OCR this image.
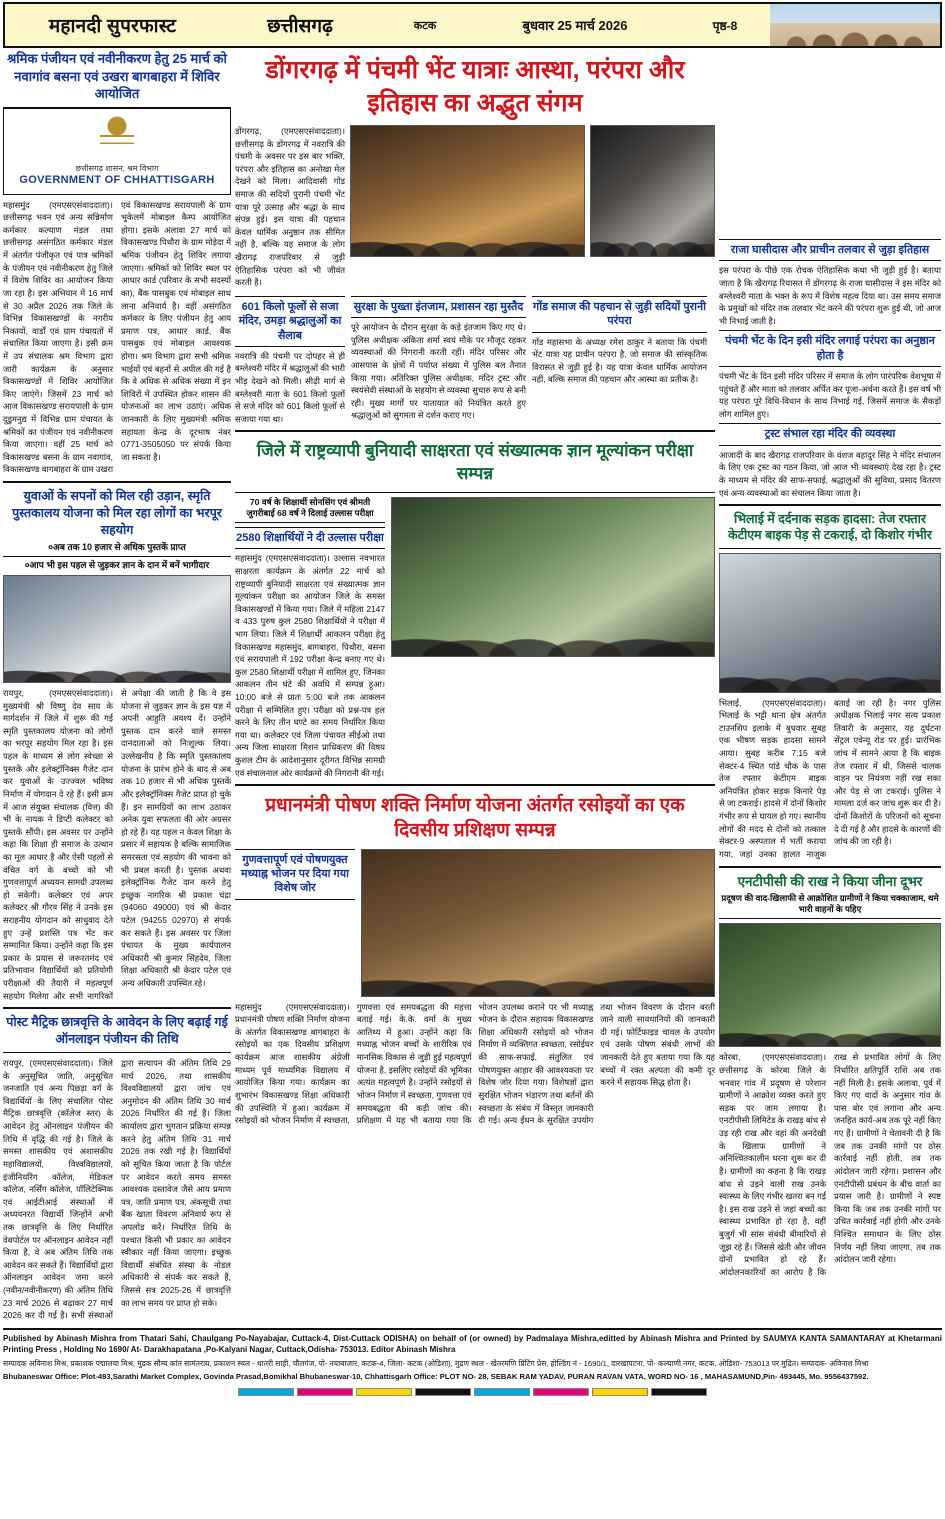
महानदी सुपरफास्ट	छत्तीसगढ़	कटक	बुधवार 25 मार्च 2026	पृष्ठ-8
श्रमिक पंजीयन एवं नवीनीकरण हेतु 25 मार्च को नवागांव बसना एवं उखरा बागबाहरा में शिविर आयोजित
छत्तीसगढ़ शासन, श्रम विभाग
GOVERNMENT OF CHHATTISGARH
महासमुंद (एमएसएसंवाददाता)। छत्तीसगढ़ भवन एवं अन्य सन्निर्माण कर्मकार कल्याण मंडल तथा छत्तीसगढ़ असंगठित कर्मकार मंडल में अंतर्गत पंजीकृत एवं पात्र श्रमिकों के पंजीयन एवं नवीनीकरण हेतु जिले में विशेष शिविर का आयोजन किया जा रहा है। इस अभियान में 16 मार्च से 30 अप्रैल 2026 तक जिले के विभिन्न विकासखण्डों के नगरीय निकायों, वार्डों एवं ग्राम पंचायतों में संचालित किया जाएगा है। इसी क्रम में उप संचालक श्रम विभाग द्वारा जारी कार्यक्रम के अनुसार विकासखण्डों में शिविर आयोजित किए जाएंगे। जिसमें 23 मार्च को आज विकासखण्ड सरायपाली के ग्राम दुडुमनुद्य में विभिन्न ग्राम पंचायत के श्रमिकों का पंजीयन एवं नवीनीकरण किया जाएगा। वहीं 25 मार्च को विकासखण्ड बसना के ग्राम नवागांव, विकासखण्ड बागबाहरा के ग्राम उखरा एवं विकासखण्ड सरायपाली के ग्राम भुकेलमें मोबाइल कैम्प आयोजित होगा। इसके अलावा 27 मार्च को विकासखण्ड पिथौरा के ग्राम मोड़ेदा में श्रमिक पंजीयन हेतु शिविर लगाया जाएगा। श्रमिकों को शिविर स्थल पर आधार कार्ड (परिवार के सभी सदस्यों का), बैंक पासबुक एवं मोबाइल साथ लाना अनिवार्य है। वहीं असंगठित कर्मकार के लिए पंजीयन हेतु आय प्रमाण पत्र, आधार कार्ड, बैंक पासबुक एवं मोबाइल आवश्यक होगा। श्रम विभाग द्वारा सभी श्रमिक भाईयों एवं बहनों से अपील की गई है कि वे अधिक से अधिक संख्या में इन शिविरों में उपस्थित होकर शासन की योजनाओं का लाभ उठाएं। अधिक जानकारी के लिए मुख्यमंत्री श्रमिक सहायता केन्द्र के दूरभाष नंबर 0771-3505050 पर संपर्क किया जा सकता है।
युवाओं के सपनों को मिल रही उड़ान, स्मृति पुस्तकालय योजना को मिल रहा लोगों का भरपूर सहयोग
०अब तक 10 हजार से अधिक पुस्तकें प्राप्त
०आप भी इस पहल से जुड़कर ज्ञान के दान में बनें भागीदार
रायपुर, (एमएसएसंवाददाता)। मुख्यमंत्री श्री विष्णु देव साय के मार्गदर्शन में जिले में शुरू की गई स्मृति पुस्तकालय योजना को लोगों का भरपूर सहयोग मिल रहा है। इस पहल के माध्यम से लोग स्वेच्छा से पुस्तकें और इलेक्ट्रॉनिक्स गैजेट दान कर युवाओं के उज्ज्वल भविष्य निर्माण में योगदान दे रहे हैं। इसी क्रम में आज संयुक्त संचालक (वित्त) की भी के नायक ने डिप्टी कलेक्टर को पुस्तकें सौंपी। इस अवसर पर उन्होंने कहा कि शिक्षा ही समाज के उत्थान का मूल आधार है और ऐसी पहलों से वंचित वर्ग के बच्चों को भी गुणवत्तापूर्ण अध्ययन सामग्री उपलब्ध हो सकेगी। कलेक्टर एवं अपर कलेक्टर श्री गौरव सिंह ने उनके इस सराहनीय योगदान को साधुवाद देते हुए उन्हें प्रशस्ति पत्र भेंट कर सम्मानित किया। उन्होंने कहा कि इस प्रकार के प्रयास से जरूरतमंद एवं प्रतिभावान विद्यार्थियों को प्रतियोगी परीक्षाओं की तैयारी में महत्वपूर्ण सहयोग मिलेगा और सभी नागरिकों से अपेक्षा की जाती है कि वे इस योजना से जुड़कर ज्ञान के इस यज्ञ में अपनी आहुति अवश्य दें। उन्होंने पुस्तक दान करने वाले समस्त दानदाताओं को निःशुल्क लिया। उल्लेखनीय है कि स्मृति पुस्तकालय योजना के प्रारंभ होने के बाद से अब तक 10 हजार से भी अधिक पुस्तकें और इलेक्ट्रॉनिक्स गैजेट प्राप्त हो चुके हैं। इन सामग्रियों का लाभ उठाकर अनेक युवा सफलता की ओर अग्रसर हो रहे हैं। यह पहल न केवल शिक्षा के प्रसार में सहायक है बल्कि सामाजिक समरसता एवं सहयोग की भावना को भी प्रबल करती है। पुस्तक अथवा इलेक्ट्रॉनिक गैजेट दान करने हेतु इच्छुक नागरिक श्री प्रकाश चंद्रा (94060 49000) एवं श्री केदार पटेल (94255 02970) से संपर्क कर सकते हैं। इस अवसर पर जिला पंचायत के मुख्य कार्यपालन अधिकारी श्री कुमार सिंहदेव, जिला शिक्षा अधिकारी श्री केदार पटेल एवं अन्य अधिकारी उपस्थित रहे।
पोस्ट मैट्रिक छात्रवृत्ति के आवेदन के लिए बढ़ाई गई ऑनलाइन पंजीयन की तिथि
रायपुर, (एमएसएसंवाददाता)। जिले के अनुसूचित जाति, अनुसूचित जनजाति एवं अन्य पिछड़ा वर्ग के विद्यार्थियों के लिए संचालित पोस्ट मैट्रिक छात्रवृत्ति (कॉलेज स्तर) के आवेदन हेतु ऑनलाइन पंजीयन की तिथि में वृद्धि की गई है। जिले के समस्त शासकीय एवं अशासकीय महाविद्यालयों, विश्वविद्यालयों, इंजीनियरिंग कॉलेज, मेडिकल कॉलेज, नर्सिंग कॉलेज, पॉलिटेक्निक एवं आईटीआई संस्थाओं में अध्ययनरत विद्यार्थी जिन्होंने अभी तक छात्रवृत्ति के लिए निर्धारित वेबपोर्टल पर ऑनलाइन आवेदन नहीं किया है, वे अब अंतिम तिथि तक आवेदन कर सकते हैं। विद्यार्थियों द्वारा ऑनलाइन आवेदन जमा करने (नवीन/नवीनीकरण) की अंतिम तिथि 23 मार्च 2026 से बढ़ाकर 27 मार्च 2026 कर दी गई है। सभी संस्थाओं द्वारा सत्यापन की अंतिम तिथि 29 मार्च 2026, तथा शासकीय विश्वविद्यालयों द्वारा जांच एवं अनुमोदन की अंतिम तिथि 30 मार्च 2026 निर्धारित की गई है। जिला कार्यालय द्वारा भुगतान प्रक्रिया सम्पन्न करने हेतु अंतिम तिथि 31 मार्च 2026 तक रखी गई है। विद्यार्थियों को सूचित किया जाता है कि पोर्टल पर आवेदन करते समय समस्त आवश्यक दस्तावेज जैसे आय प्रमाण पत्र, जाति प्रमाण पत्र, अंकसूची तथा बैंक खाता विवरण अनिवार्य रूप से अपलोड करें। निर्धारित तिथि के पश्चात किसी भी प्रकार का आवेदन स्वीकार नहीं किया जाएगा। इच्छुक विद्यार्थी संबंधित संस्था के नोडल अधिकारी से संपर्क कर सकते हैं, जिससे सत्र 2025-26 में छात्रवृत्ति का लाभ समय पर प्राप्त हो सके।
डोंगरगढ़ में पंचमी भेंट यात्राः आस्था, परंपरा और इतिहास का अद्भुत संगम
डोंगरगढ़, (एमएसएसंवाददाता)। छत्तीसगढ़ के डोंगरगढ़ में नवरात्रि की पंचमी के अवसर पर इस बार भक्ति, परंपरा और इतिहास का अनोखा मेल देखने को मिला। आदिवासी गोंड समाज की सदियों पुरानी पंचमी भेंट यात्रा पूरे उत्साह और श्रद्धा के साथ संपन्न हुई। इस यात्रा की पहचान केवल धार्मिक अनुष्ठान तक सीमित नहीं है, बल्कि यह समाज के लोग खैरागढ़ राजपरिवार से जुड़ी ऐतिहासिक परंपरा को भी जीवंत करती है।
601 किलो फूलों से सजा मंदिर, उमड़ा श्रद्धालुओं का सैलाब
नवरात्रि की पंचमी पर दोपहर से ही बम्लेश्वरी मंदिर में श्रद्धालुओं की भारी भीड़ देखने को मिली। सीढ़ी मार्ग से बम्लेश्वरी माता के 601 किलो फूलों से सजे मंदिर को 601 किलो फूलों से सजाया गया था।
सुरक्षा के पुख्ता इंतजाम, प्रशासन रहा मुस्तैद
पूरे आयोजन के दौरान सुरक्षा के कड़े इंतजाम किए गए थे। पुलिस अधीक्षक अंकिता शर्मा स्वयं मौके पर मौजूद रहकर व्यवस्थाओं की निगरानी करती रहीं। मंदिर परिसर और आसपास के क्षेत्रों में पर्याप्त संख्या में पुलिस बल तैनात किया गया। अतिरिक्त पुलिस अधीक्षक, मंदिर ट्रस्ट और स्वयंसेवी संस्थाओं के सहयोग से व्यवस्था सुचारु रूप से बनी रही। मुख्य मार्गों पर यातायात को नियंत्रित करते हुए श्रद्धालुओं को सुगमता से दर्शन कराए गए।
गोंड समाज की पहचान से जुड़ी सदियों पुरानी परंपरा
गोंड महासभा के अध्यक्ष रमेश ठाकुर ने बताया कि पंचमी भेंट यात्रा यह प्राचीन परंपरा है, जो समाज की सांस्कृतिक विरासत से जुड़ी हुई है। यह यात्रा केवल धार्मिक आयोजन नहीं, बल्कि समाज की पहचान और आस्था का प्रतीक है।
जिले में राष्ट्रव्यापी बुनियादी साक्षरता एवं संख्यात्मक ज्ञान मूल्यांकन परीक्षा सम्पन्न
70 वर्ष के शिक्षार्थी सोनसिंग एवं श्रीमती जुगरीबाई 68 वर्ष ने दिलाई उल्लास परीक्षा
2580 शिक्षार्थियों ने दी उल्लास परीक्षा
महासमुंद (एमएसएसंवाददाता)। उल्लास नवभारत साक्षरता कार्यक्रम के अंतर्गत 22 मार्च को राष्ट्रव्यापी बुनियादी साक्षरता एवं संख्यात्मक ज्ञान मूल्यांकन परीक्षा का आयोजन जिले के समस्त विकासखण्डों में किया गया। जिले में महिला 2147 व 433 पुरुष कुल 2580 शिक्षार्थियों ने परीक्षा में भाग लिया। जिले में शिक्षार्थी आकलन परीक्षा हेतु विकासखण्ड महासमुंद, बागबाहरा, पिथौरा, बसना एवं सरायपाली में 192 परीक्षा केन्द्र बनाए गए थे। कुल 2580 शिक्षार्थी परीक्षा में शामिल हुए, जिनका आकलन तीन घंटे की अवधि में सम्पन्न हुआ। 10:00 बजे से प्रातः 5:00 बजे तक आकलन परीक्षा में सम्मिलित हुए। परीक्षा को प्रश्न-पत्र हल करने के लिए तीन घण्टे का समय निर्धारित किया गया था। कलेक्टर एवं जिला पंचायत सीईओ तथा अन्य जिला साक्षरता मिशन प्राधिकरण की विषय कुशल टीम के आदेशानुसार दूरीगत विभिन्न सामग्री एवं संचालनाल ओर कार्यक्रमों की निगरानी की गई।
प्रधानमंत्री पोषण शक्ति निर्माण योजना अंतर्गत रसोइयों का एक दिवसीय प्रशिक्षण सम्पन्न
गुणवत्तापूर्ण एवं पोषणयुक्त मध्याह्न भोजन पर दिया गया विशेष जोर
महासमुंद (एमएसएसंवाददाता)। प्रधानमंत्री पोषण शक्ति निर्माण योजना के अंतर्गत विकासखण्ड बागबाहरा के रसोइयों का एक दिवसीय प्रशिक्षण कार्यक्रम आज शासकीय अंग्रेजी माध्यम पूर्व माध्यमिक विद्यालय में आयोजित किया गया। कार्यक्रम का शुभारंभ विकासखण्ड शिक्षा अधिकारी की उपस्थिति में हुआ। कार्यक्रम में रसोइयों को भोजन निर्माण में स्वच्छता, गुणवत्ता एवं समयबद्धता की महत्ता बताई गई। के.के. वर्मा के मुख्य आतिथ्य में हुआ। उन्होंने कहा कि मध्याह्न भोजन बच्चों के शारीरिक एवं मानसिक विकास से जुड़ी हुई महत्वपूर्ण योजना है, इसलिए रसोइयों की भूमिका अत्यंत महत्वपूर्ण है। उन्होंने रसोइयों से भोजन निर्माण में स्वच्छता, गुणवत्ता एवं समयबद्धता की कड़ी जांच की। प्रशिक्षण में यह भी बताया गया कि भोजन उपलब्ध कराने पर भी मध्याह्न भोजन के दौरान सहायक विकासखण्ड शिक्षा अधिकारी रसोइयों को भोजन निर्माण में व्यक्तिगत स्वच्छता, रसोईघर की साफ-सफाई, संतुलित एवं पोषणयुक्त आहार की आवश्यकता पर विशेष जोर दिया गया। विशेषज्ञों द्वारा सुरक्षित भोजन भंडारण तथा बर्तनों की स्वच्छता के संबंध में विस्तृत जानकारी दी गई। अन्य ईंधन के सुरक्षित उपयोग तथा भोजन विवरण के दौरान बरती जाने वाली सावधानियों की जानकारी दी गई। फोर्टिफाइड चावल के उपयोग एवं उसके पोषण संबंधी लाभों की जानकारी देते हुए बताया गया कि यह बच्चों में रक्त अल्पता की कमी दूर करने में सहायक सिद्ध होता है।
राजा घासीदास और प्राचीन तलवार से जुड़ा इतिहास
इस परंपरा के पीछे एक रोचक ऐतिहासिक कथा भी जुड़ी हुई है। बताया जाता है कि खैरागढ़ रियासत में डोंगरगढ़ के राजा घासीदास ने इस मंदिर को बम्लेश्वरी माता के भक्त के रूप में विशेष महत्व दिया था। उस समय समाज के प्रमुखों को मंदिर तक तलवार भेंट करने की परंपरा शुरू हुई थी, जो आज भी निभाई जाती है।
पंचमी भेंट के दिन इसी मंदिर लगाई परंपरा का अनुष्ठान होता है
पंचमी भेंट के दिन इसी मंदिर परिसर में समाज के लोग पारंपरिक वेशभूषा में पहुंचते हैं और माता को तलवार अर्पित कर पूजा-अर्चना करते हैं। इस वर्ष भी यह परंपरा पूरे विधि-विधान के साथ निभाई गई, जिसमें समाज के सैकड़ों लोग शामिल हुए।
ट्रस्ट संभाल रहा मंदिर की व्यवस्था
आजादी के बाद खैरागढ़ राजपरिवार के वंशज बहादुर सिंह ने मंदिर संचालन के लिए एक ट्रस्ट का गठन किया, जो आज भी व्यवस्थाएं देख रहा है। ट्रस्ट के माध्यम से मंदिर की साफ-सफाई, श्रद्धालुओं की सुविधा, प्रसाद वितरण एवं अन्य व्यवस्थाओं का संचालन किया जाता है।
भिलाई में दर्दनाक सड़क हादसा: तेज रफ्तार केटीएम बाइक पेड़ से टकराई, दो किशोर गंभीर
भिलाई, (एमएसएसंवाददाता)। भिलाई के भट्टी थाना क्षेत्र अंतर्गत टाउनशिप इलाके में बुधवार सुबह एक भीषण सड़क हादसा सामने आया। सुबह करीब 7:15 बजे सेक्टर-4 स्थित पांडे चौक के पास तेज रफ्तार केटीएम बाइक अनियंत्रित होकर सड़क किनारे पेड़ से जा टकराई। हादसे में दोनों किशोर गंभीर रूप से घायल हो गए। स्थानीय लोगों की मदद से दोनों को तत्काल सेक्टर-9 अस्पताल में भर्ती कराया गया, जहां उनका हालत नाजुक बताई जा रही है। नगर पुलिस अधीक्षक भिलाई नगर सत्य प्रकाश तिवारी के अनुसार, यह दुर्घटना सेंट्रल एवेन्यू रोड पर हुई। प्रारंभिक जांच में सामने आया है कि बाइक तेज रफ्तार में थी, जिससे चालक वाहन पर नियंत्रण नहीं रख सका और पेड़ से जा टकराई। पुलिस ने मामला दर्ज कर जांच शुरू कर दी है। दोनों किशोरों के परिजनों को सूचना दे दी गई है और हादसे के कारणों की जांच की जा रही है।
एनटीपीसी की राख ने किया जीना दूभर
प्रदूषण की वाद-खिलाफी से आक्रोशित ग्रामीणों ने किया चक्काजाम, थमे भारी वाहनों के पहिए
कोरबा, (एमएसएसंवाददाता)। छत्तीसगढ़ के कोरबा जिले के भनवार गांव में प्रदूषण से परेशान ग्रामीणों ने आक्रोश व्यक्त करते हुए सड़क पर जाम लगाया है। एनटीपीसी लिमिटेड के राखड़ बांध से उड़ रही राख और वहां की अनदेखी के खिलाफ ग्रामीणों ने अनिश्चितकालीन धरना शुरू कर दी है। ग्रामीणों का कहना है कि राखड़ बांध से उड़ने वाली राख उनके स्वास्थ्य के लिए गंभीर खतरा बन गई है। इस राख उड़ने से जहां बच्चों का स्वास्थ्य प्रभावित हो रहा है, वहीं बुजुर्ग भी सांस संबंधी बीमारियों से जूझ रहे हैं। जिससे खेती और जीवन दोनों प्रभावित हो रहे हैं। आंदोलनकारियों का आरोप है कि राख से प्रभावित लोगों के लिए निर्धारित क्षतिपूर्ति राशि अब तक नहीं मिली है। इसके अलावा, पूर्व में किए गए वादों के अनुसार गांव के पास बोर एवं लगाना और अन्य जनहित कार्य-अब तक पूरे नहीं किए गए हैं। ग्रामीणों ने चेतावनी दी है कि जब तक उनकी मांगों पर ठोस कार्रवाई नहीं होती, तब तक आंदोलन जारी रहेगा। प्रशासन और एनटीपीसी प्रबंधन के बीच वार्ता का प्रयास जारी है। ग्रामीणों ने स्पष्ट किया कि जब तक उनकी मांगों पर उचित कार्रवाई नहीं होगी और उनके निश्चित समाधान के लिए ठोस निर्णय नहीं लिया जाएगा, तब तक आंदोलन जारी रहेगा।

Published by Abinash Mishra from Thatari Sahi, Chaulgang Po-Nayabajar, Cuttack-4, Dist-Cuttack ODISHA) on behalf of (or owned) by Padmalaya Mishra,editted by Abinash Mishra and Printed by SAUMYA KANTA SAMANTARAY at Khetarmani Printing Press , Holding No 1690/ At- Darakhapatana ,Po-Kalyani Nagar, Cuttack,Odisha- 753013. Editor Abinash Mishra

सम्पादक अविनाश मिश्र, प्रकाशक पद्मालया मिश्र, मुद्रक सौम्य कांत सामंतराय, प्रकाशन स्थल - थातरी साही, चौलगंज, पो- नयाबाजार, कटक-4, जिला- कटक (ओडिशा), मुद्रण स्थल - खेतरमणि प्रिंटिंग प्रेस, होल्डिंग नं - 1690/1, दारखापटना, पो- कल्याणी नगर, कटक, ओडिशा- 753013 पर मुद्रित। सम्पादक- अविनाश मिश्रा

Bhubaneswar Office: Plot-493,Sarathi Market Complex, Govinda Prasad,Bomikhal Bhubaneswar-10, Chhattisgarh Office: PLOT NO- 28, SEBAK RAM YADAV, PURAN RAVAN VATA, WORD NO- 16 , MAHASAMUND,Pin- 493445, Mo. 9556437592.
